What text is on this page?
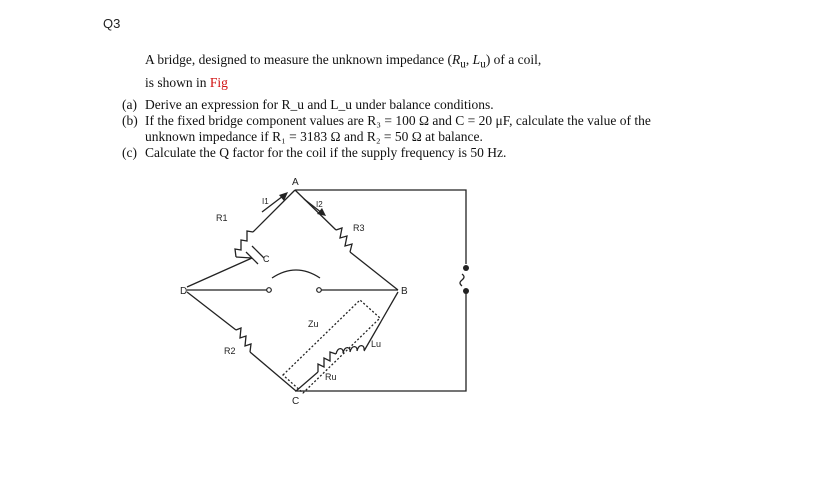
Q3
A bridge, designed to measure the unknown impedance ($R_u$, $L_u$) of a coil,
is shown in Fig
(a) Derive an expression for R_u and L_u under balance conditions.
(b) If the fixed bridge component values are R₃ = 100 Ω and C = 20 μF, calculate the value of the unknown impedance if R₁ = 3183 Ω and R₂ = 50 Ω at balance.
(c) Calculate the Q factor for the coil if the supply frequency is 50 Hz.
A
B
C
D
R1
C
I1	I2
R3
R2
Zu
Lu
Ru
